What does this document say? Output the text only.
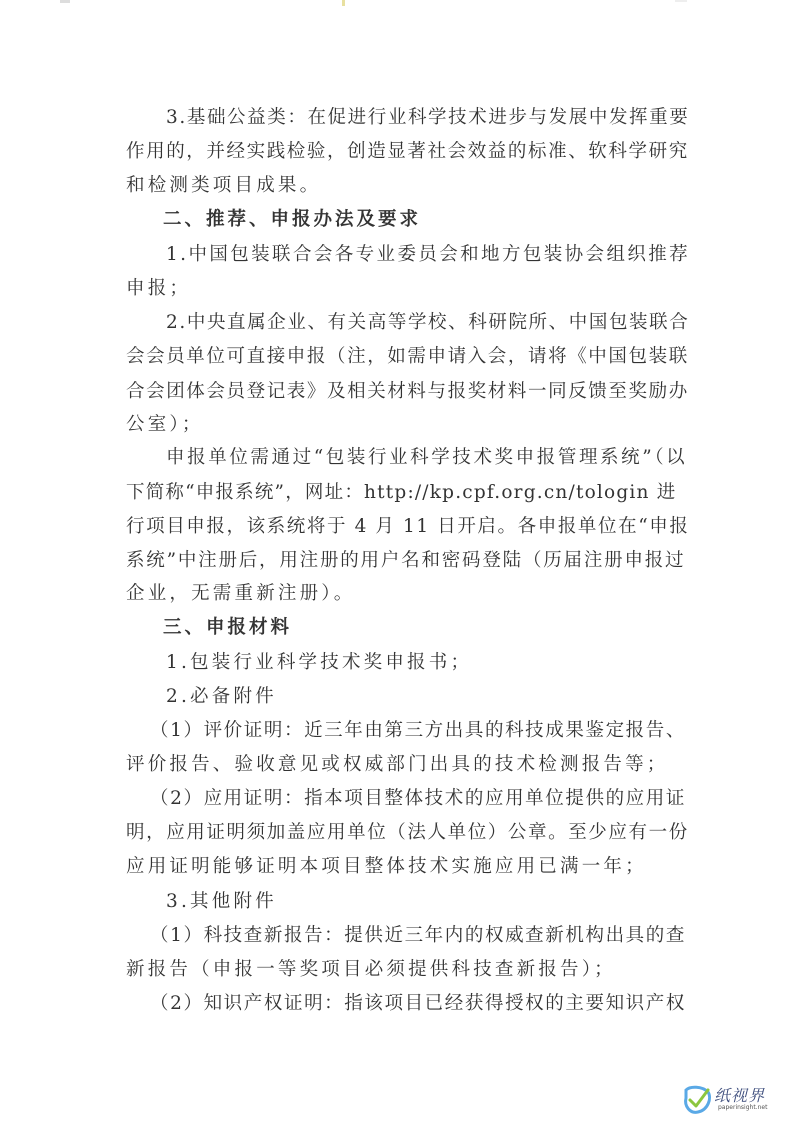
3.基础公益类：在促进行业科学技术进步与发展中发挥重要
作用的，并经实践检验，创造显著社会效益的标准、软科学研究
和检测类项目成果。
二、推荐、申报办法及要求
1.中国包装联合会各专业委员会和地方包装协会组织推荐
申报；
2.中央直属企业、有关高等学校、科研院所、中国包装联合
会会员单位可直接申报（注，如需申请入会，请将《中国包装联
合会团体会员登记表》及相关材料与报奖材料一同反馈至奖励办
公室）；
申报单位需通过“包装行业科学技术奖申报管理系统”（以
下简称“申报系统”，网址：http://kp.cpf.org.cn/tologin 进
行项目申报，该系统将于 4 月 11 日开启。各申报单位在“申报
系统”中注册后，用注册的用户名和密码登陆（历届注册申报过
企业，无需重新注册）。
三、申报材料
1.包装行业科学技术奖申报书；
2.必备附件
（1）评价证明：近三年由第三方出具的科技成果鉴定报告、
评价报告、验收意见或权威部门出具的技术检测报告等；
（2）应用证明：指本项目整体技术的应用单位提供的应用证
明，应用证明须加盖应用单位（法人单位）公章。至少应有一份
应用证明能够证明本项目整体技术实施应用已满一年；
3.其他附件
（1）科技查新报告：提供近三年内的权威查新机构出具的查
新报告（申报一等奖项目必须提供科技查新报告）；
（2）知识产权证明：指该项目已经获得授权的主要知识产权
纸视界
paperinsight.net
